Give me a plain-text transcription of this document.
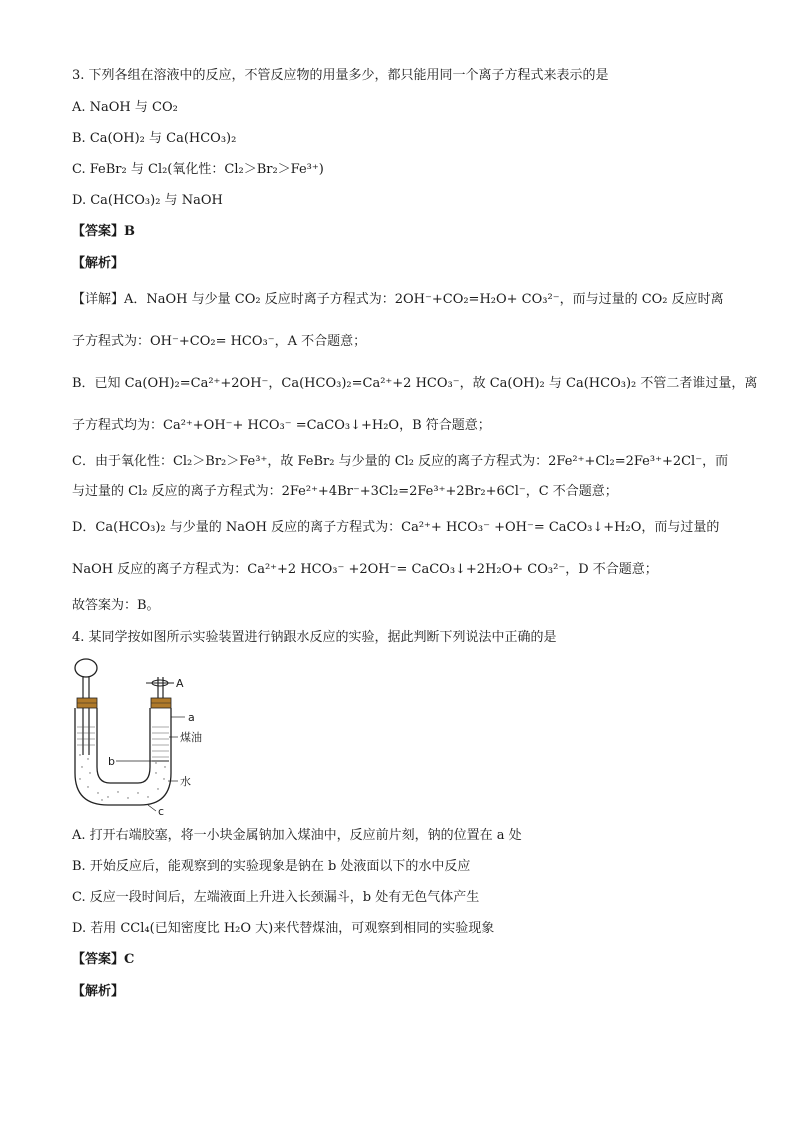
3. 下列各组在溶液中的反应，不管反应物的用量多少，都只能用同一个离子方程式来表示的是
A. NaOH 与 CO₂
B. Ca(OH)₂ 与 Ca(HCO₃)₂
C. FeBr₂ 与 Cl₂(氧化性：Cl₂＞Br₂＞Fe³⁺)
D. Ca(HCO₃)₂ 与 NaOH
【答案】B
【解析】
【详解】A．NaOH 与少量 CO₂ 反应时离子方程式为：2OH⁻+CO₂=H₂O+ CO₃²⁻，而与过量的 CO₂ 反应时离
子方程式为：OH⁻+CO₂= HCO₃⁻，A 不合题意；
B．已知 Ca(OH)₂=Ca²⁺+2OH⁻，Ca(HCO₃)₂=Ca²⁺+2 HCO₃⁻，故 Ca(OH)₂ 与 Ca(HCO₃)₂ 不管二者谁过量，离
子方程式均为：Ca²⁺+OH⁻+ HCO₃⁻ =CaCO₃↓+H₂O，B 符合题意；
C．由于氧化性：Cl₂＞Br₂＞Fe³⁺，故 FeBr₂ 与少量的 Cl₂ 反应的离子方程式为：2Fe²⁺+Cl₂=2Fe³⁺+2Cl⁻，而
与过量的 Cl₂ 反应的离子方程式为：2Fe²⁺+4Br⁻+3Cl₂=2Fe³⁺+2Br₂+6Cl⁻，C 不合题意；
D．Ca(HCO₃)₂ 与少量的 NaOH 反应的离子方程式为：Ca²⁺+ HCO₃⁻ +OH⁻= CaCO₃↓+H₂O，而与过量的
NaOH 反应的离子方程式为：Ca²⁺+2 HCO₃⁻ +2OH⁻= CaCO₃↓+2H₂O+ CO₃²⁻，D 不合题意；
故答案为：B。
4. 某同学按如图所示实验装置进行钠跟水反应的实验，据此判断下列说法中正确的是
A
a
煤油
b
水
c
A. 打开右端胶塞，将一小块金属钠加入煤油中，反应前片刻，钠的位置在 a 处
B. 开始反应后，能观察到的实验现象是钠在 b 处液面以下的水中反应
C. 反应一段时间后，左端液面上升进入长颈漏斗，b 处有无色气体产生
D. 若用 CCl₄(已知密度比 H₂O 大)来代替煤油，可观察到相同的实验现象
【答案】C
【解析】
